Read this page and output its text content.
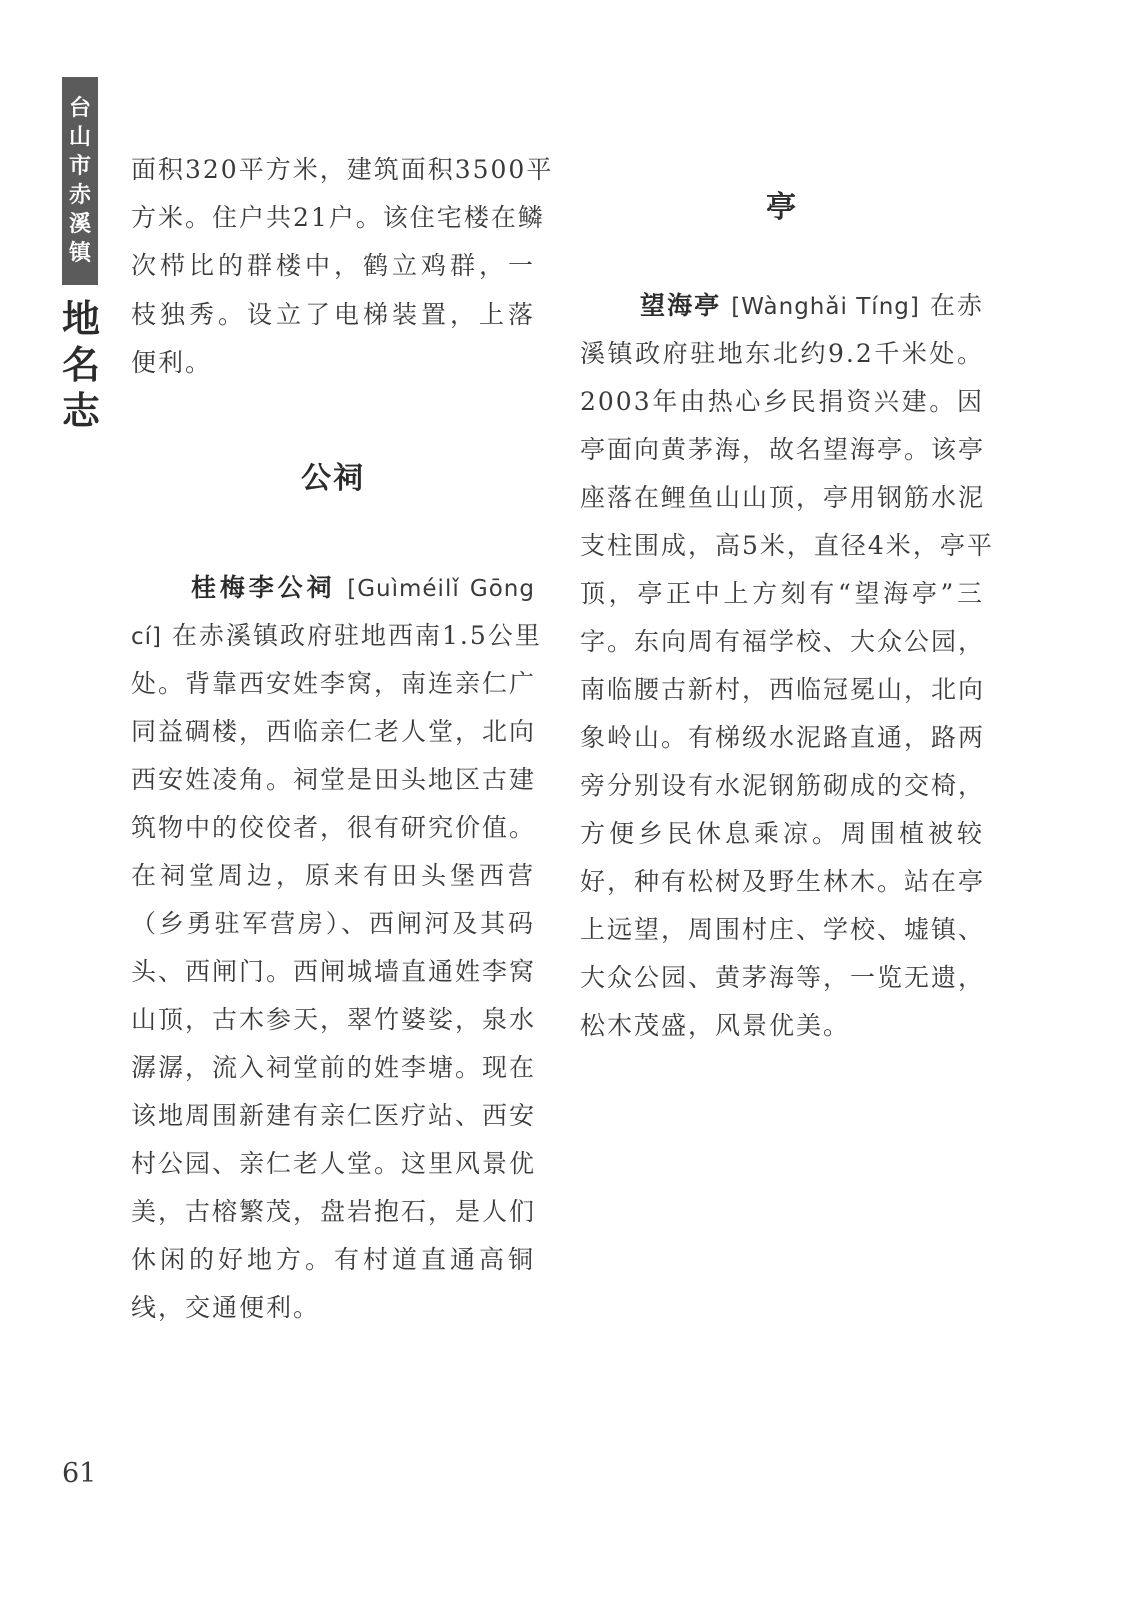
台
山
市
赤
溪
镇
地
名
志

面积320平方米，建筑面积3500平

方米。住户共21户。该住宅楼在鳞

次栉比的群楼中，鹤立鸡群，一

枝独秀。设立了电梯装置，上落

便利。

公祠

桂梅李公祠 [Guìméilǐ Gōng

cí] 在赤溪镇政府驻地西南1.5公里

处。背靠西安姓李窝，南连亲仁广

同益碉楼，西临亲仁老人堂，北向

西安姓凌角。祠堂是田头地区古建

筑物中的佼佼者，很有研究价值。

在祠堂周边，原来有田头堡西营

（乡勇驻军营房）、西闸河及其码

头、西闸门。西闸城墙直通姓李窝

山顶，古木参天，翠竹婆娑，泉水

潺潺，流入祠堂前的姓李塘。现在

该地周围新建有亲仁医疗站、西安

村公园、亲仁老人堂。这里风景优

美，古榕繁茂，盘岩抱石，是人们

休闲的好地方。有村道直通高铜

线，交通便利。

亭

望海亭 [Wànghǎi Tíng] 在赤

溪镇政府驻地东北约9.2千米处。

2003年由热心乡民捐资兴建。因

亭面向黄茅海，故名望海亭。该亭

座落在鲤鱼山山顶，亭用钢筋水泥

支柱围成，高5米，直径4米，亭平

顶，亭正中上方刻有“望海亭”三

字。东向周有福学校、大众公园，

南临腰古新村，西临冠冕山，北向

象岭山。有梯级水泥路直通，路两

旁分别设有水泥钢筋砌成的交椅，

方便乡民休息乘凉。周围植被较

好，种有松树及野生林木。站在亭

上远望，周围村庄、学校、墟镇、

大众公园、黄茅海等，一览无遗，

松木茂盛，风景优美。

61
